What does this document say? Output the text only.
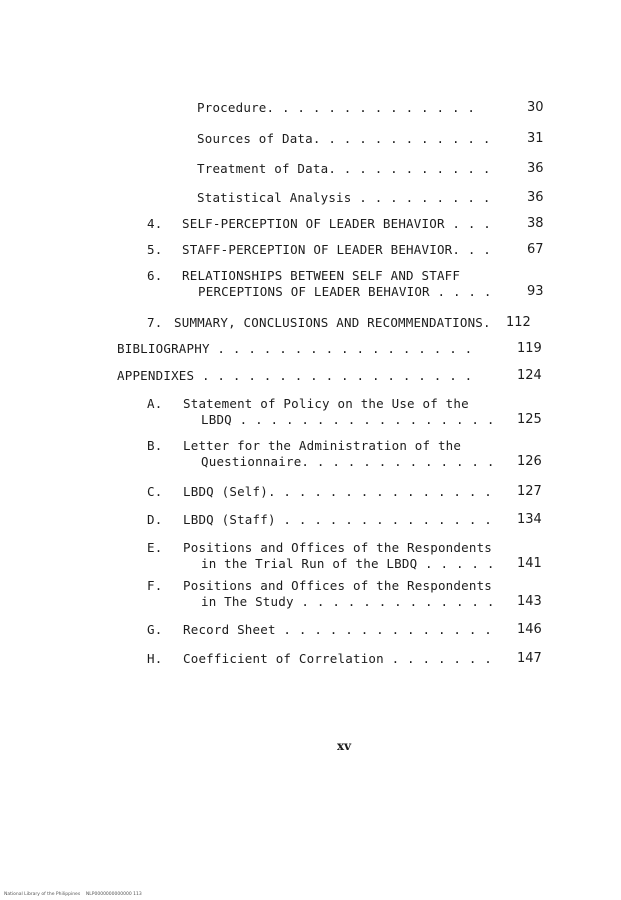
Procedure. . . . . . . . . . . . . .	30
Sources of Data. . . . . . . . . . . .	31
Treatment of Data. . . . . . . . . . .	36
Statistical Analysis . . . . . . . . .	36
4. SELF-PERCEPTION OF LEADER BEHAVIOR . . .	38
5. STAFF-PERCEPTION OF LEADER BEHAVIOR. . .	67
6. RELATIONSHIPS BETWEEN SELF AND STAFF
PERCEPTIONS OF LEADER BEHAVIOR . . . .	93
7. SUMMARY, CONCLUSIONS AND RECOMMENDATIONS. 112
BIBLIOGRAPHY . . . . . . . . . . . . . . . . .	119
APPENDIXES . . . . . . . . . . . . . . . . . .	124
A. Statement of Policy on the Use of the
LBDQ . . . . . . . . . . . . . . . . . 125
B. Letter for the Administration of the
Questionnaire. . . . . . . . . . . . . 126
C. LBDQ (Self). . . . . . . . . . . . . . . 127
D. LBDQ (Staff) . . . . . . . . . . . . . . 134
E. Positions and Offices of the Respondents
in the Trial Run of the LBDQ . . . . . 141
F. Positions and Offices of the Respondents
in The Study . . . . . . . . . . . . . 143
G. Record Sheet . . . . . . . . . . . . . . 146
H. Coefficient of Correlation . . . . . . . 147
xv
National Library of the Philippines    NLP0000000000000 113
